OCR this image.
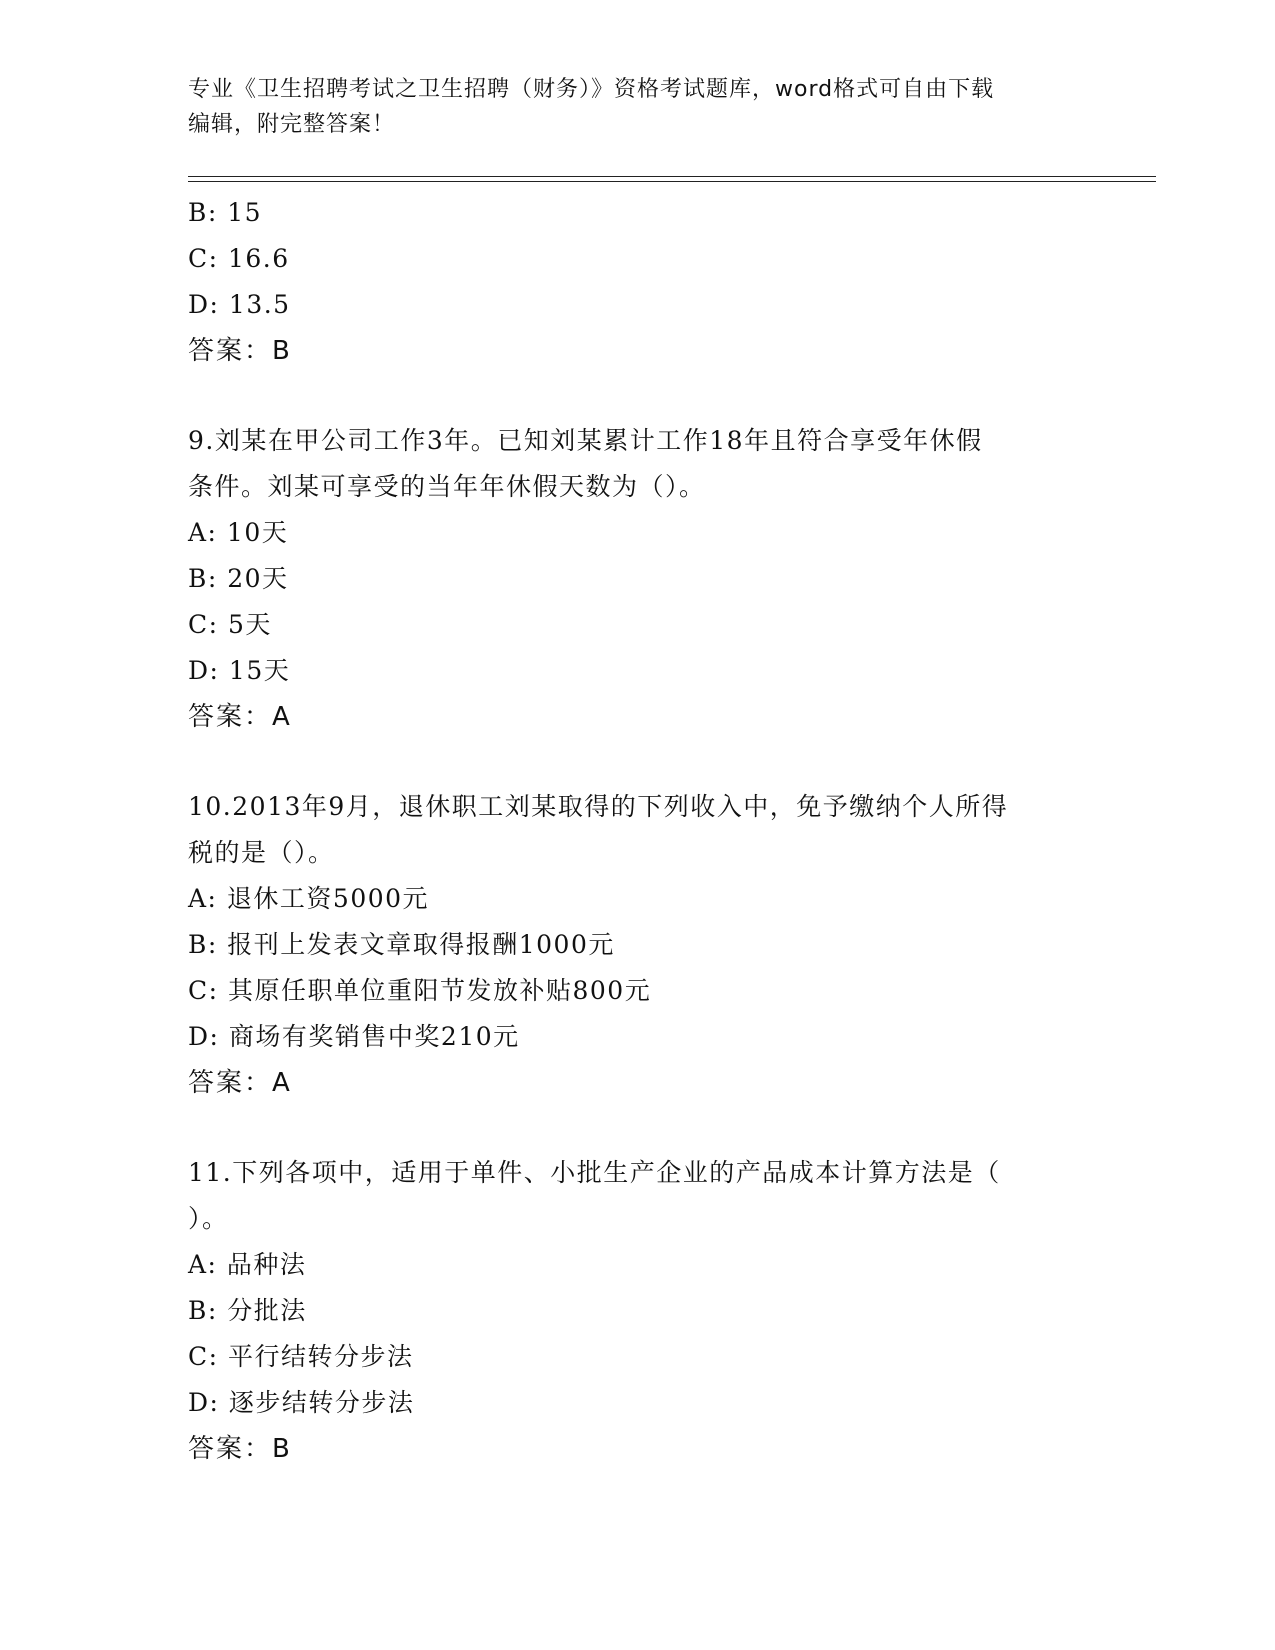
专业《卫生招聘考试之卫生招聘（财务）》资格考试题库，word格式可自由下载
编辑，附完整答案！
B: 15
C: 16.6
D: 13.5
答案：B
9.刘某在甲公司工作3年。已知刘某累计工作18年且符合享受年休假
条件。刘某可享受的当年年休假天数为（）。
A: 10天
B: 20天
C: 5天
D: 15天
答案：A
10.2013年9月，退休职工刘某取得的下列收入中，免予缴纳个人所得
税的是（）。
A: 退休工资5000元
B: 报刊上发表文章取得报酬1000元
C: 其原任职单位重阳节发放补贴800元
D: 商场有奖销售中奖210元
答案：A
11.下列各项中，适用于单件、小批生产企业的产品成本计算方法是（
）。
A: 品种法
B: 分批法
C: 平行结转分步法
D: 逐步结转分步法
答案：B
